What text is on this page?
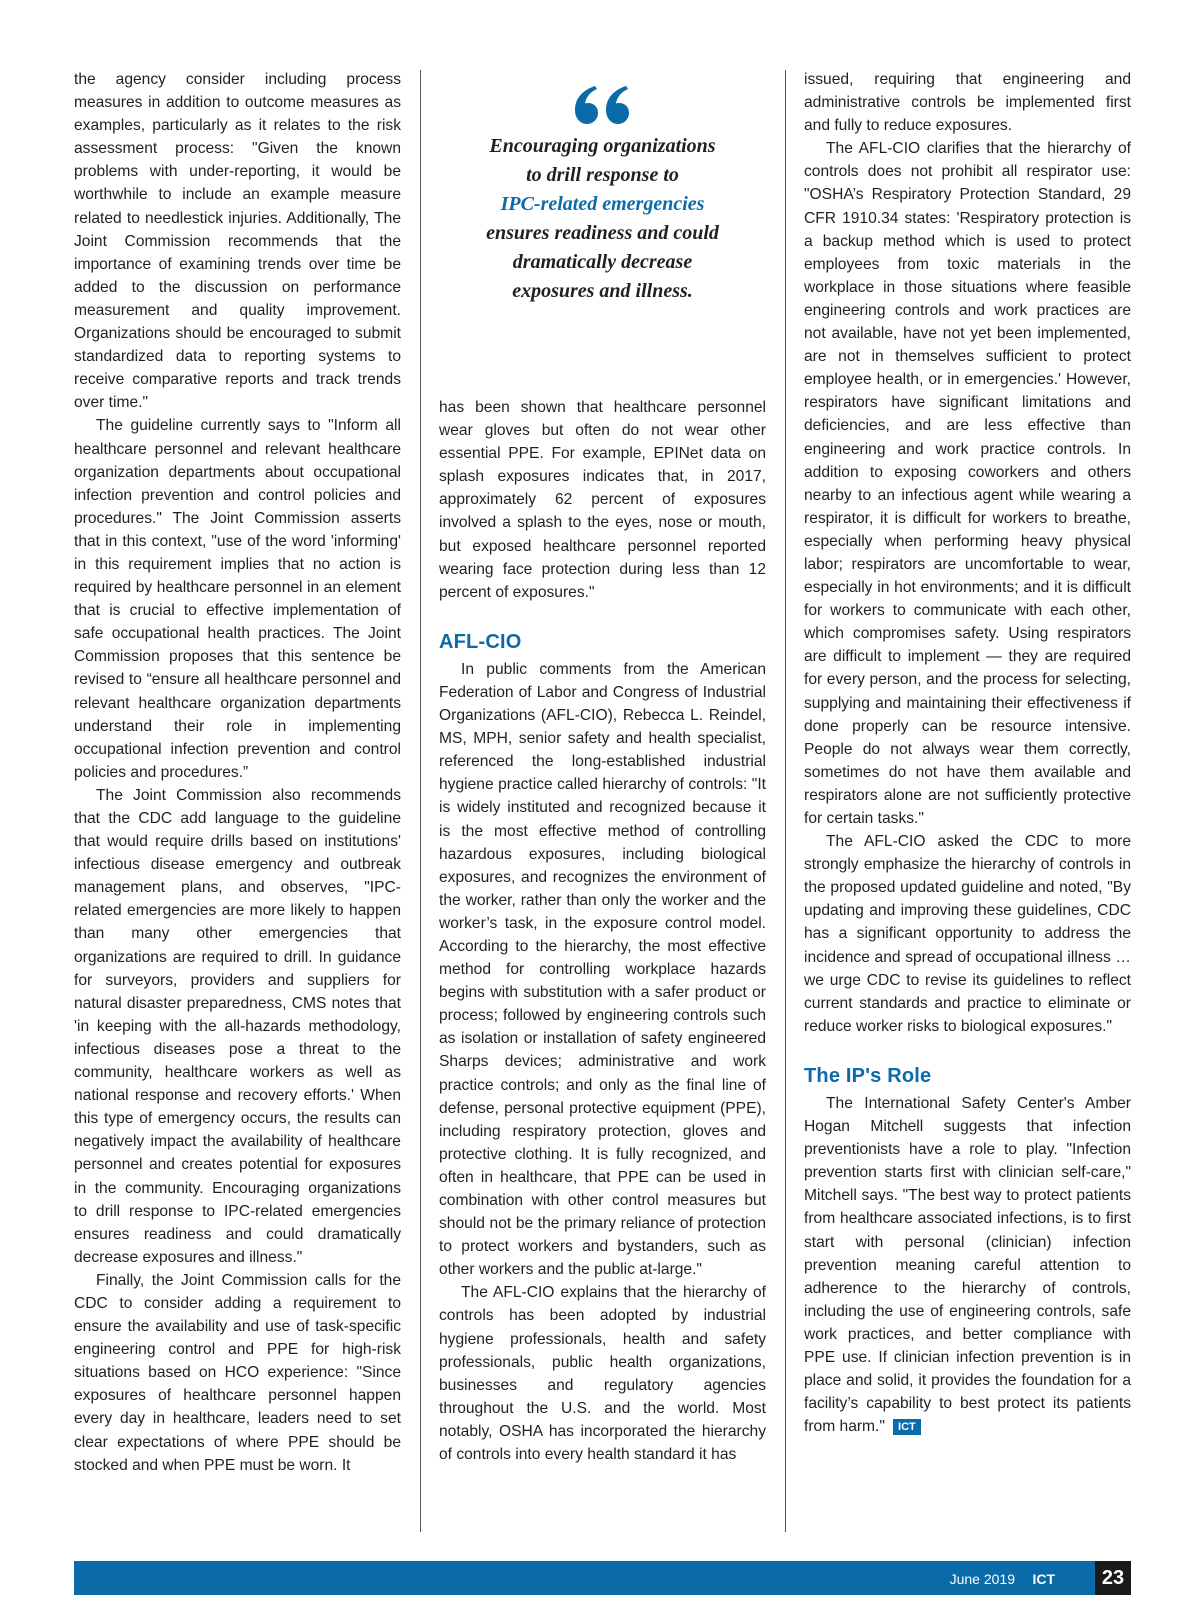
the agency consider including process measures in addition to outcome measures as examples, particularly as it relates to the risk assessment process: "Given the known problems with under-reporting, it would be worthwhile to include an example measure related to needlestick injuries. Additionally, The Joint Commission recommends that the importance of examining trends over time be added to the discussion on performance measurement and quality improvement. Organizations should be encouraged to submit standardized data to reporting systems to receive comparative reports and track trends over time."

The guideline currently says to "Inform all healthcare personnel and relevant healthcare organization departments about occupational infection prevention and control policies and procedures." The Joint Commission asserts that in this context, "use of the word 'informing' in this requirement implies that no action is required by healthcare personnel in an element that is crucial to effective implementation of safe occupational health practices. The Joint Commission proposes that this sentence be revised to “ensure all healthcare personnel and relevant healthcare organization departments understand their role in implementing occupational infection prevention and control policies and procedures.”

The Joint Commission also recommends that the CDC add language to the guideline that would require drills based on institutions' infectious disease emergency and outbreak management plans, and observes, "IPC-related emergencies are more likely to happen than many other emergencies that organizations are required to drill. In guidance for surveyors, providers and suppliers for natural disaster preparedness, CMS notes that 'in keeping with the all-hazards methodology, infectious diseases pose a threat to the community, healthcare workers as well as national response and recovery efforts.' When this type of emergency occurs, the results can negatively impact the availability of healthcare personnel and creates potential for exposures in the community. Encouraging organizations to drill response to IPC-related emergencies ensures readiness and could dramatically decrease exposures and illness."

Finally, the Joint Commission calls for the CDC to consider adding a requirement to ensure the availability and use of task-specific engineering control and PPE for high-risk situations based on HCO experience: "Since exposures of healthcare personnel happen every day in healthcare, leaders need to set clear expectations of where PPE should be stocked and when PPE must be worn. It

Encouraging organizations
to drill response to
IPC-related emergencies
ensures readiness and could
dramatically decrease
exposures and illness.

has been shown that healthcare personnel wear gloves but often do not wear other essential PPE. For example, EPINet data on splash exposures indicates that, in 2017, approximately 62 percent of exposures involved a splash to the eyes, nose or mouth, but exposed healthcare personnel reported wearing face protection during less than 12 percent of exposures."

AFL-CIO

In public comments from the American Federation of Labor and Congress of Industrial Organizations (AFL-CIO), Rebecca L. Reindel, MS, MPH, senior safety and health specialist, referenced the long-established industrial hygiene practice called hierarchy of controls: "It is widely instituted and recognized because it is the most effective method of controlling hazardous exposures, including biological exposures, and recognizes the environment of the worker, rather than only the worker and the worker’s task, in the exposure control model. According to the hierarchy, the most effective method for controlling workplace hazards begins with substitution with a safer product or process; followed by engineering controls such as isolation or installation of safety engineered Sharps devices; administrative and work practice controls; and only as the final line of defense, personal protective equipment (PPE), including respiratory protection, gloves and protective clothing. It is fully recognized, and often in healthcare, that PPE can be used in combination with other control measures but should not be the primary reliance of protection to protect workers and bystanders, such as other workers and the public at-large."

The AFL-CIO explains that the hierarchy of controls has been adopted by industrial hygiene professionals, health and safety professionals, public health organizations, businesses and regulatory agencies throughout the U.S. and the world. Most notably, OSHA has incorporated the hierarchy of controls into every health standard it has

issued, requiring that engineering and administrative controls be implemented first and fully to reduce exposures.

The AFL-CIO clarifies that the hierarchy of controls does not prohibit all respirator use: "OSHA’s Respiratory Protection Standard, 29 CFR 1910.34 states: 'Respiratory protection is a backup method which is used to protect employees from toxic materials in the workplace in those situations where feasible engineering controls and work practices are not available, have not yet been implemented, are not in themselves sufficient to protect employee health, or in emergencies.' However, respirators have significant limitations and deficiencies, and are less effective than engineering and work practice controls. In addition to exposing coworkers and others nearby to an infectious agent while wearing a respirator, it is difficult for workers to breathe, especially when performing heavy physical labor; respirators are uncomfortable to wear, especially in hot environments; and it is difficult for workers to communicate with each other, which compromises safety. Using respirators are difficult to implement — they are required for every person, and the process for selecting, supplying and maintaining their effectiveness if done properly can be resource intensive. People do not always wear them correctly, sometimes do not have them available and respirators alone are not sufficiently protective for certain tasks."

The AFL-CIO asked the CDC to more strongly emphasize the hierarchy of controls in the proposed updated guideline and noted, "By updating and improving these guidelines, CDC has a significant opportunity to address the incidence and spread of occupational illness … we urge CDC to revise its guidelines to reflect current standards and practice to eliminate or reduce worker risks to biological exposures."

The IP's Role

The International Safety Center's Amber Hogan Mitchell suggests that infection preventionists have a role to play. "Infection prevention starts first with clinician self-care," Mitchell says. "The best way to protect patients from healthcare associated infections, is to first start with personal (clinician) infection prevention meaning careful attention to adherence to the hierarchy of controls, including the use of engineering controls, safe work practices, and better compliance with PPE use. If clinician infection prevention is in place and solid, it provides the foundation for a facility’s capability to best protect its patients from harm." ICT

June 2019 ICT	23
